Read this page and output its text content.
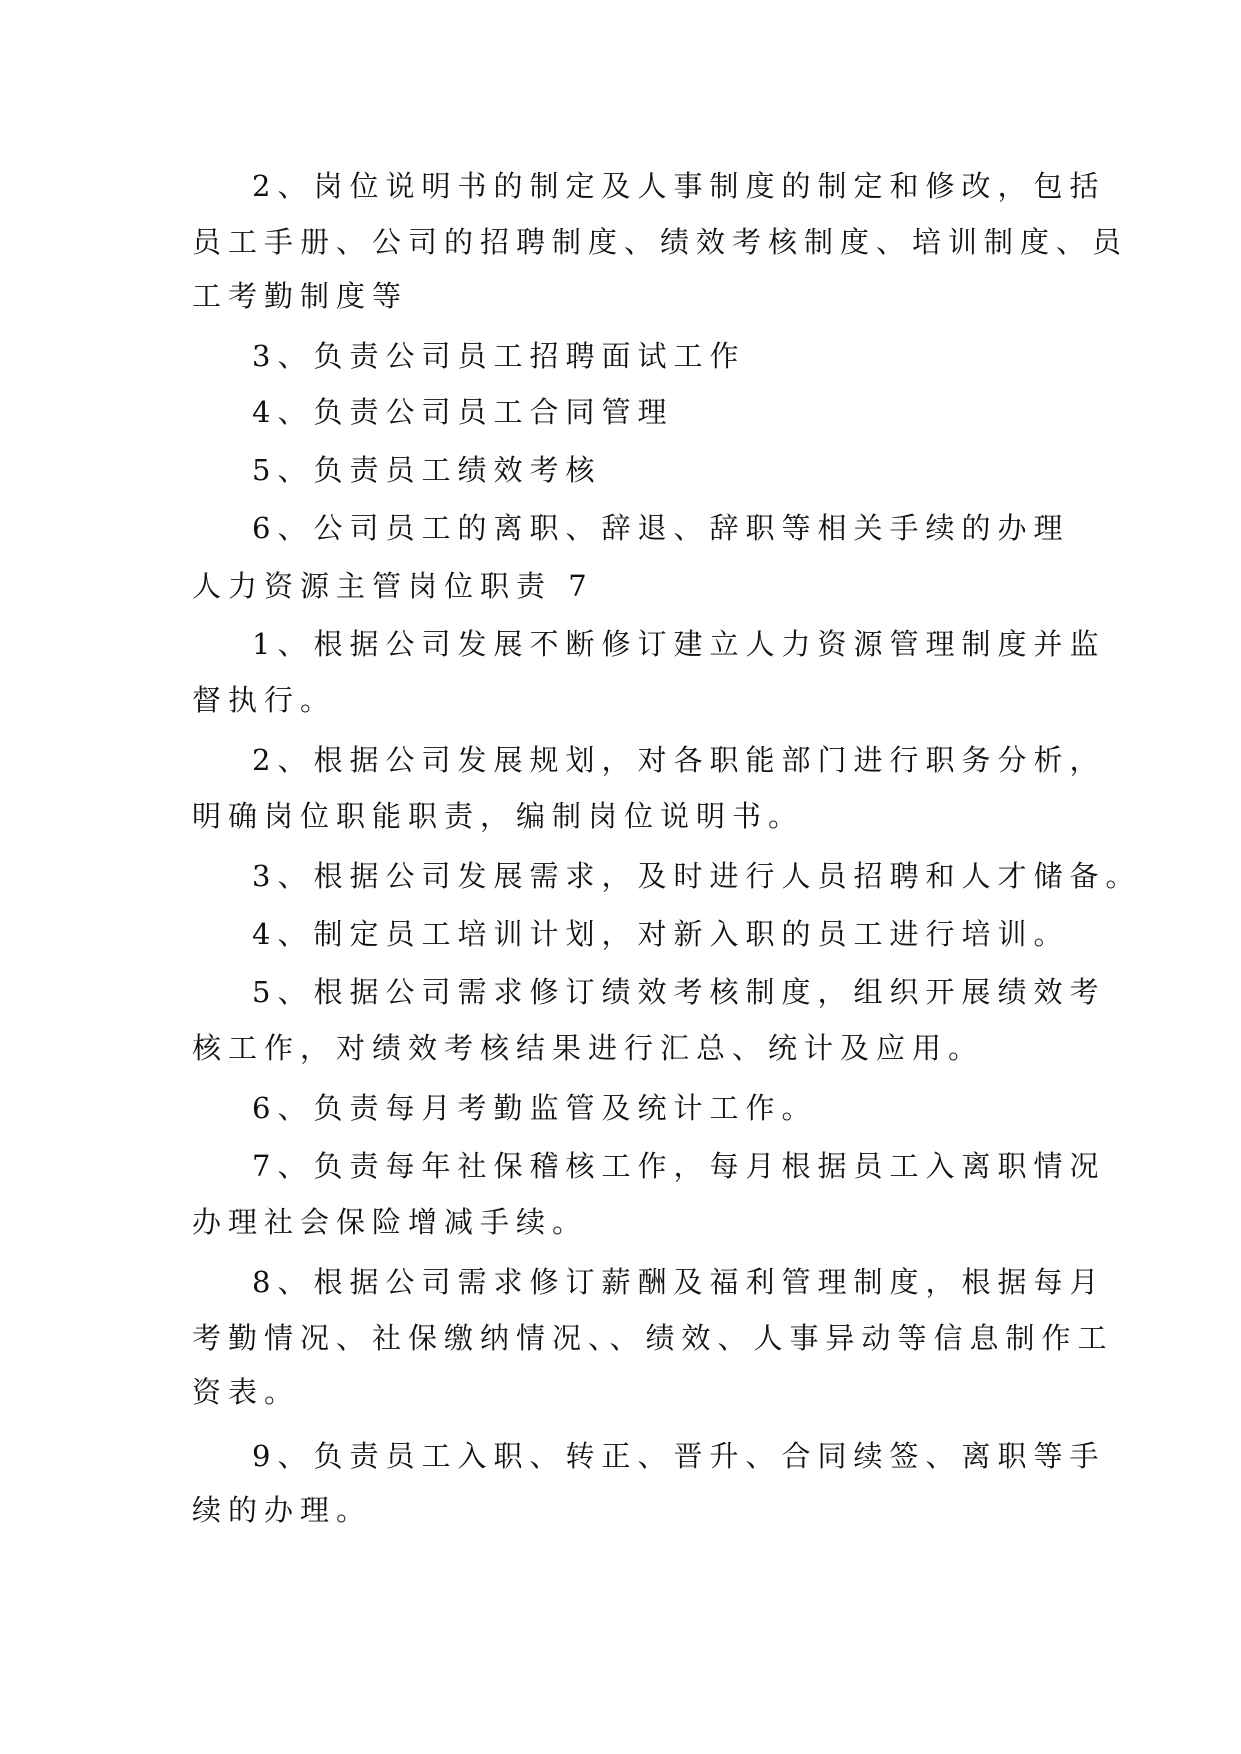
2、岗位说明书的制定及人事制度的制定和修改，包括

员工手册、公司的招聘制度、绩效考核制度、培训制度、员

工考勤制度等

3、负责公司员工招聘面试工作

4、负责公司员工合同管理

5、负责员工绩效考核

6、公司员工的离职、辞退、辞职等相关手续的办理

人力资源主管岗位职责 7

1、根据公司发展不断修订建立人力资源管理制度并监

督执行。

2、根据公司发展规划，对各职能部门进行职务分析，

明确岗位职能职责，编制岗位说明书。

3、根据公司发展需求，及时进行人员招聘和人才储备。

4、制定员工培训计划，对新入职的员工进行培训。

5、根据公司需求修订绩效考核制度，组织开展绩效考

核工作，对绩效考核结果进行汇总、统计及应用。

6、负责每月考勤监管及统计工作。

7、负责每年社保稽核工作，每月根据员工入离职情况

办理社会保险增减手续。

8、根据公司需求修订薪酬及福利管理制度，根据每月

考勤情况、社保缴纳情况、、绩效、人事异动等信息制作工

资表。

9、负责员工入职、转正、晋升、合同续签、离职等手

续的办理。
